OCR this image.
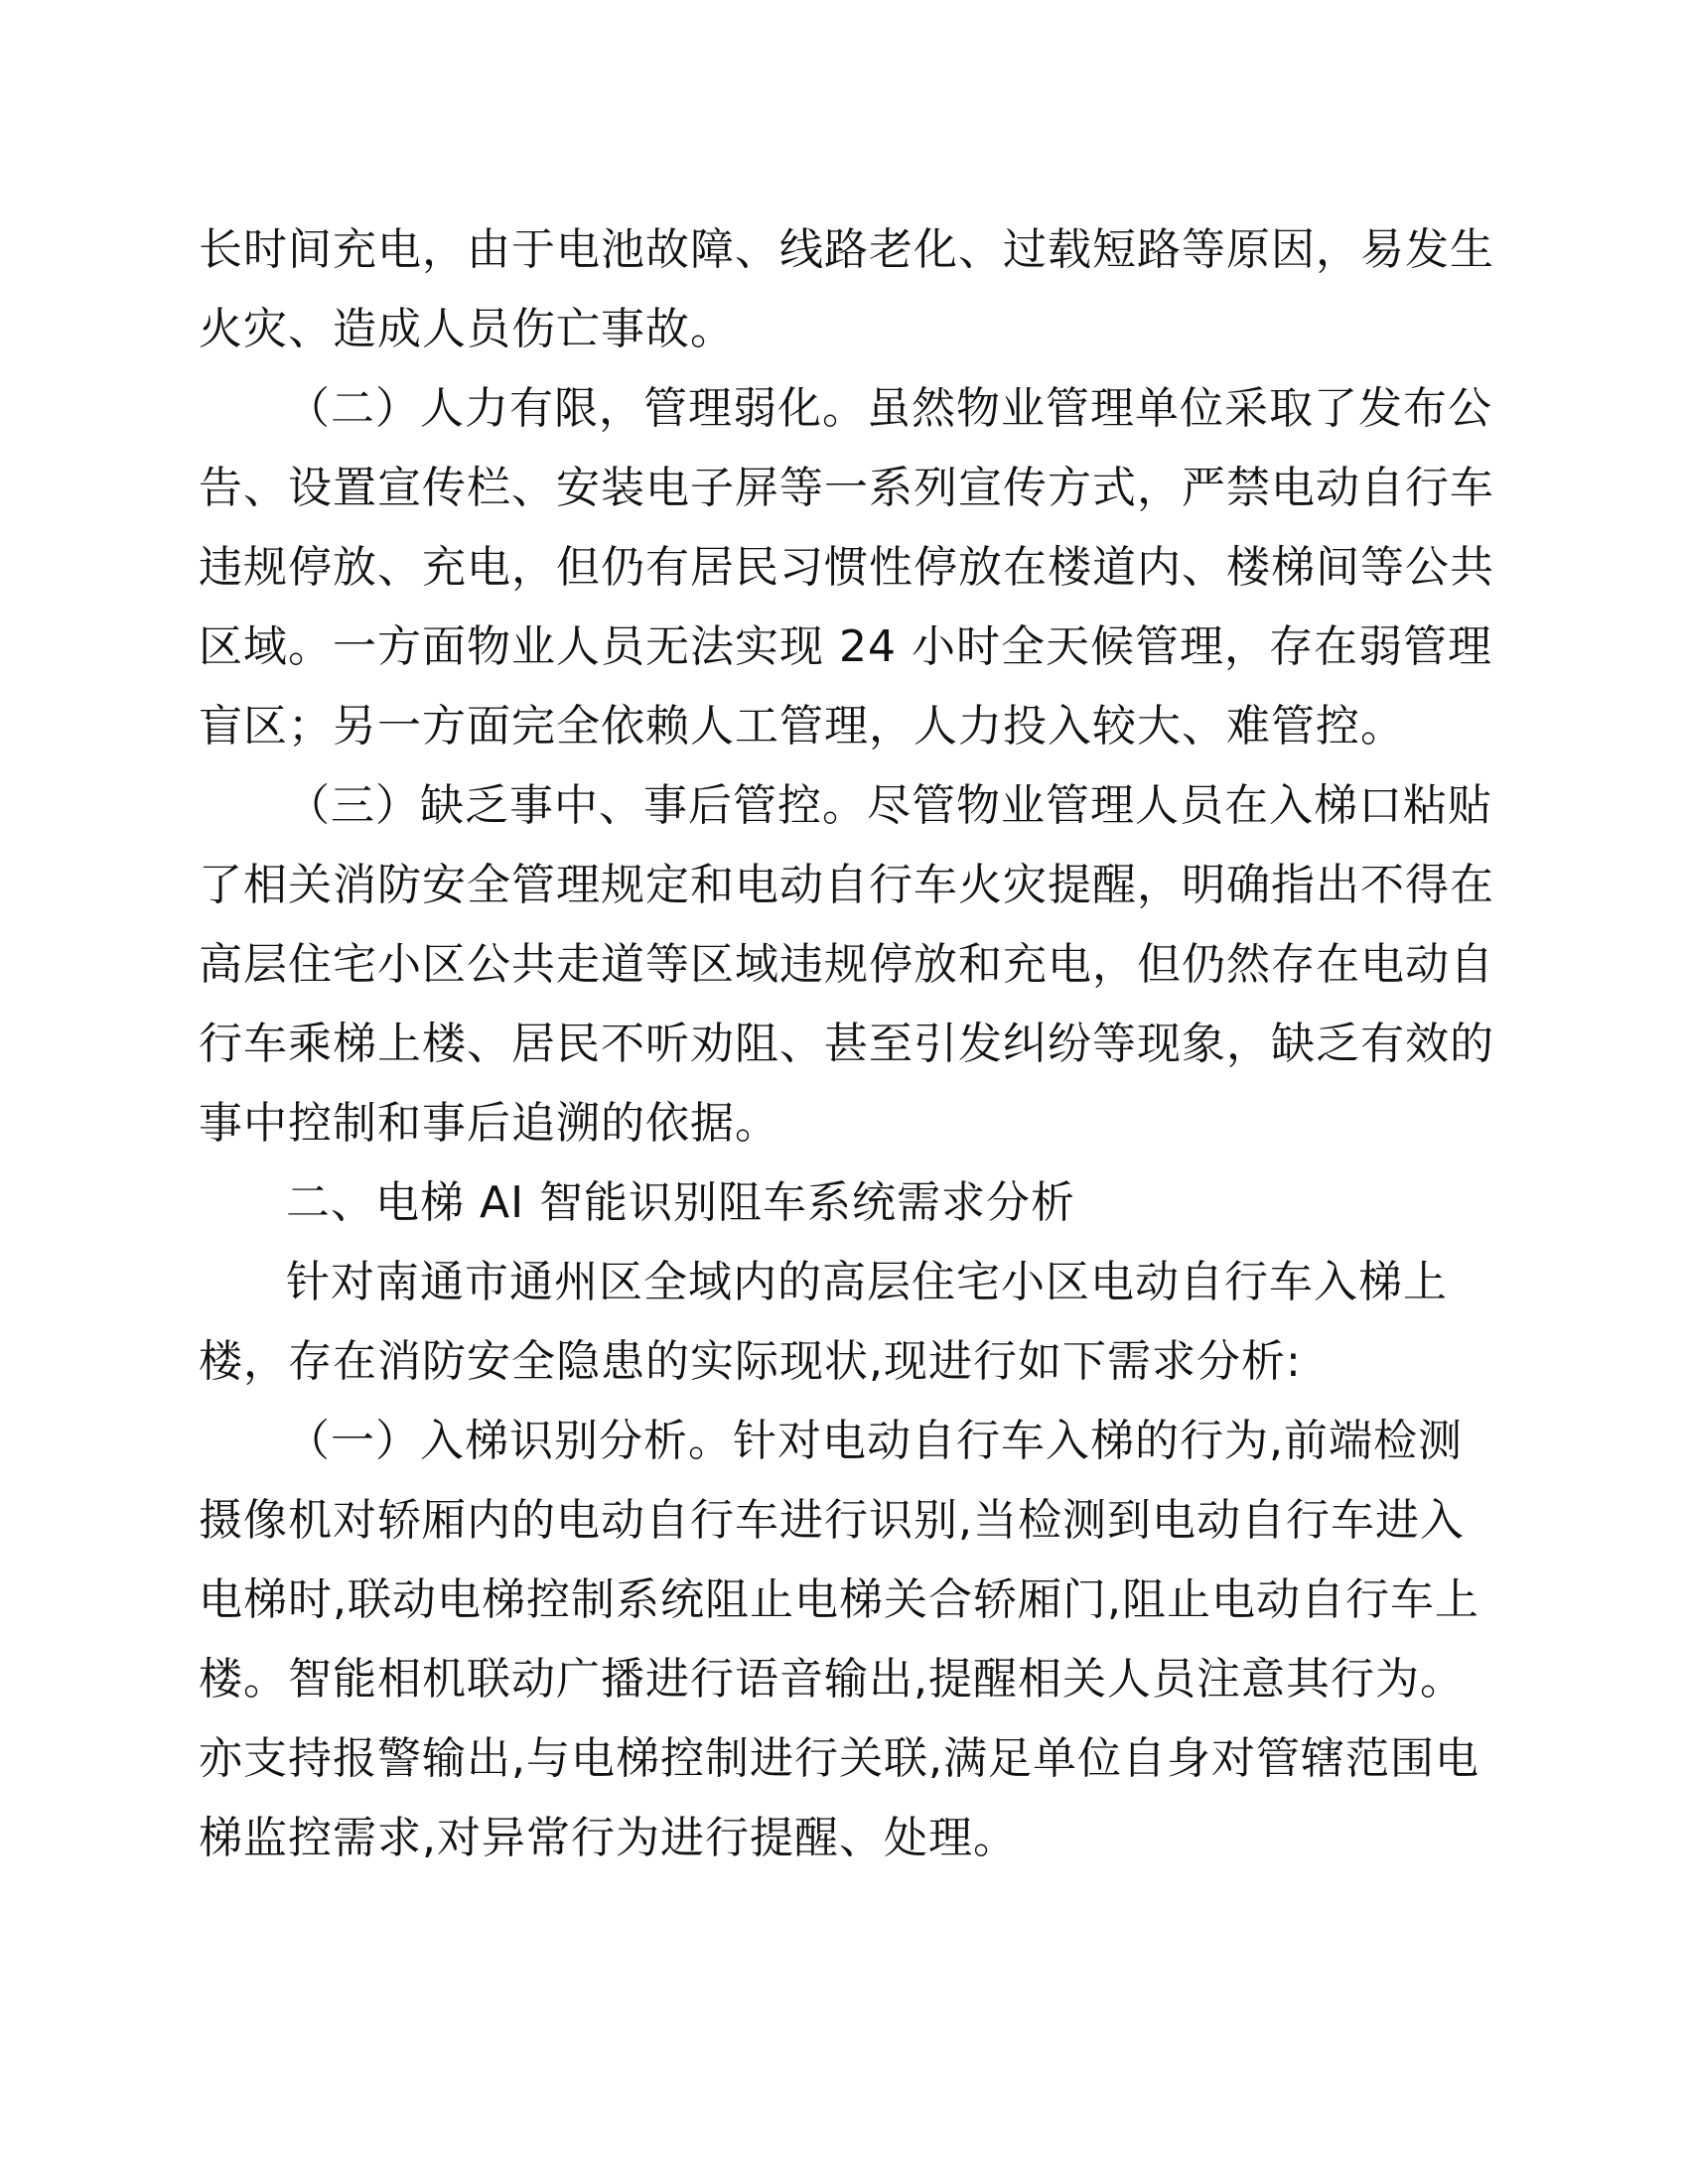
长时间充电，由于电池故障、线路老化、过载短路等原因，易发生

火灾、造成人员伤亡事故。

（二）人力有限，管理弱化。虽然物业管理单位采取了发布公

告、设置宣传栏、安装电子屏等一系列宣传方式，严禁电动自行车

违规停放、充电，但仍有居民习惯性停放在楼道内、楼梯间等公共

区域。一方面物业人员无法实现 24 小时全天候管理，存在弱管理

盲区；另一方面完全依赖人工管理，人力投入较大、难管控。

（三）缺乏事中、事后管控。尽管物业管理人员在入梯口粘贴

了相关消防安全管理规定和电动自行车火灾提醒，明确指出不得在

高层住宅小区公共走道等区域违规停放和充电，但仍然存在电动自

行车乘梯上楼、居民不听劝阻、甚至引发纠纷等现象，缺乏有效的

事中控制和事后追溯的依据。

二、电梯 AI 智能识别阻车系统需求分析

针对南通市通州区全域内的高层住宅小区电动自行车入梯上

楼，存在消防安全隐患的实际现状,现进行如下需求分析:

（一）入梯识别分析。针对电动自行车入梯的行为,前端检测

摄像机对轿厢内的电动自行车进行识别,当检测到电动自行车进入

电梯时,联动电梯控制系统阻止电梯关合轿厢门,阻止电动自行车上

楼。智能相机联动广播进行语音输出,提醒相关人员注意其行为。

亦支持报警输出,与电梯控制进行关联,满足单位自身对管辖范围电

梯监控需求,对异常行为进行提醒、处理。
